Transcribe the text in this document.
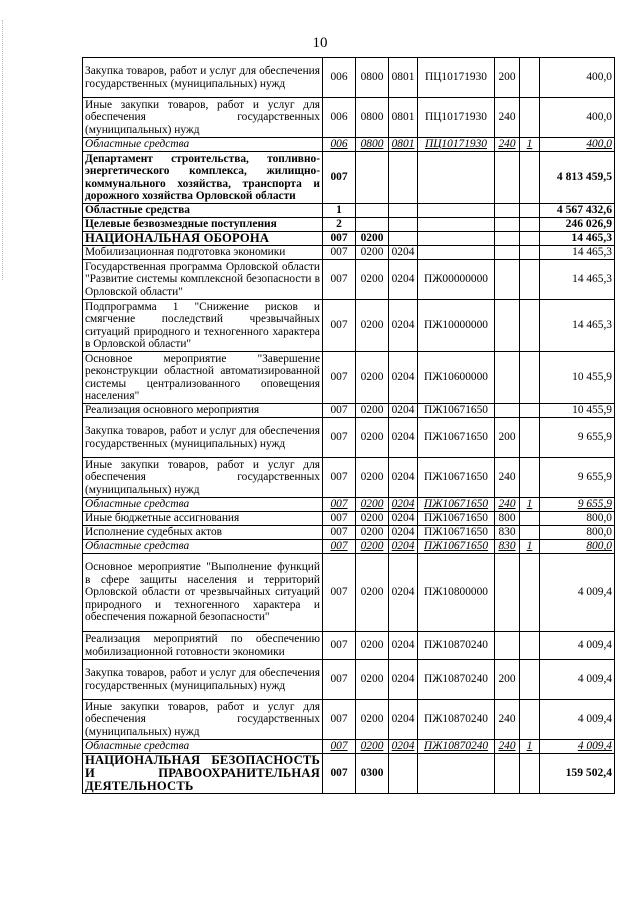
10
Закупка товаров, работ и услуг для обеспечения государственных (муниципальных) нужд	006	0800	0801	ПЦ10171930	200		400,0
Иные закупки товаров, работ и услуг для обеспечения государственных (муниципальных) нужд	006	0800	0801	ПЦ10171930	240		400,0
Областные средства	006	0800	0801	ПЦ10171930	240	1	400,0
Департамент строительства, топливно-энергетического комплекса, жилищно-коммунального хозяйства, транспорта и дорожного хозяйства Орловской области	007						4 813 459,5
Областные средства	1						4 567 432,6
Целевые безвозмездные поступления	2						246 026,9
НАЦИОНАЛЬНАЯ ОБОРОНА	007	0200					14 465,3
Мобилизационная подготовка экономики	007	0200	0204				14 465,3
Государственная программа Орловской области "Развитие системы комплексной безопасности в Орловской области"	007	0200	0204	ПЖ00000000			14 465,3
Подпрограмма 1 "Снижение рисков и смягчение последствий чрезвычайных ситуаций природного и техногенного характера в Орловской области"	007	0200	0204	ПЖ10000000			14 465,3
Основное мероприятие "Завершение реконструкции областной автоматизированной системы централизованного оповещения населения"	007	0200	0204	ПЖ10600000			10 455,9
Реализация основного мероприятия	007	0200	0204	ПЖ10671650			10 455,9
Закупка товаров, работ и услуг для обеспечения государственных (муниципальных) нужд	007	0200	0204	ПЖ10671650	200		9 655,9
Иные закупки товаров, работ и услуг для обеспечения государственных (муниципальных) нужд	007	0200	0204	ПЖ10671650	240		9 655,9
Областные средства	007	0200	0204	ПЖ10671650	240	1	9 655,9
Иные бюджетные ассигнования	007	0200	0204	ПЖ10671650	800		800,0
Исполнение судебных актов	007	0200	0204	ПЖ10671650	830		800,0
Областные средства	007	0200	0204	ПЖ10671650	830	1	800,0
Основное мероприятие "Выполнение функций в сфере защиты населения и территорий Орловской области от чрезвычайных ситуаций природного и техногенного характера и обеспечения пожарной безопасности"	007	0200	0204	ПЖ10800000			4 009,4
Реализация мероприятий по обеспечению мобилизационной готовности экономики	007	0200	0204	ПЖ10870240			4 009,4
Закупка товаров, работ и услуг для обеспечения государственных (муниципальных) нужд	007	0200	0204	ПЖ10870240	200		4 009,4
Иные закупки товаров, работ и услуг для обеспечения государственных (муниципальных) нужд	007	0200	0204	ПЖ10870240	240		4 009,4
Областные средства	007	0200	0204	ПЖ10870240	240	1	4 009,4
НАЦИОНАЛЬНАЯ БЕЗОПАСНОСТЬ И ПРАВООХРАНИТЕЛЬНАЯ ДЕЯТЕЛЬНОСТЬ	007	0300					159 502,4
